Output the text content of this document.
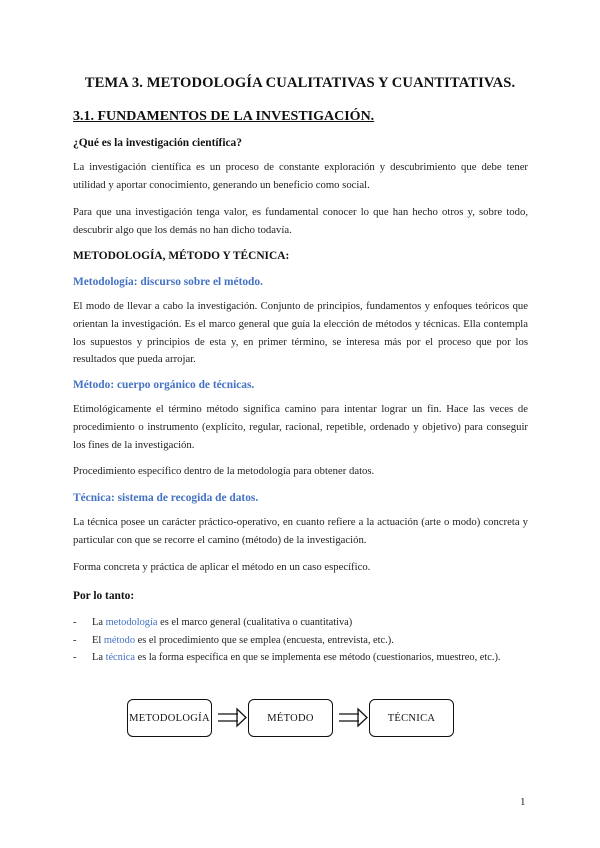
TEMA 3. METODOLOGÍA CUALITATIVAS Y CUANTITATIVAS.
3.1. FUNDAMENTOS DE LA INVESTIGACIÓN.
¿Qué es la investigación científica?
La investigación científica es un proceso de constante exploración y descubrimiento que debe tener utilidad y aportar conocimiento, generando un beneficio como social.
Para que una investigación tenga valor, es fundamental conocer lo que han hecho otros y, sobre todo, descubrir algo que los demás no han dicho todavía.
METODOLOGÍA, MÉTODO Y TÉCNICA:
Metodología: discurso sobre el método.
El modo de llevar a cabo la investigación. Conjunto de principios, fundamentos y enfoques teóricos que orientan la investigación. Es el marco general que guía la elección de métodos y técnicas. Ella contempla los supuestos y principios de esta y, en primer término, se interesa más por el proceso que por los resultados que pueda arrojar.
Método: cuerpo orgánico de técnicas.
Etimológicamente el término método significa camino para intentar lograr un fin. Hace las veces de procedimiento o instrumento (explícito, regular, racional, repetible, ordenado y objetivo) para conseguir los fines de la investigación.
Procedimiento específico dentro de la metodología para obtener datos.
Técnica: sistema de recogida de datos.
La técnica posee un carácter práctico-operativo, en cuanto refiere a la actuación (arte o modo) concreta y particular con que se recorre el camino (método) de la investigación.
Forma concreta y práctica de aplicar el método en un caso específico.
Por lo tanto:
- La metodología es el marco general (cualitativa o cuantitativa)
- El método es el procedimiento que se emplea (encuesta, entrevista, etc.).
- La técnica es la forma específica en que se implementa ese método (cuestionarios, muestreo, etc.).
METODOLOGÍA	MÉTODO	TÉCNICA
1
